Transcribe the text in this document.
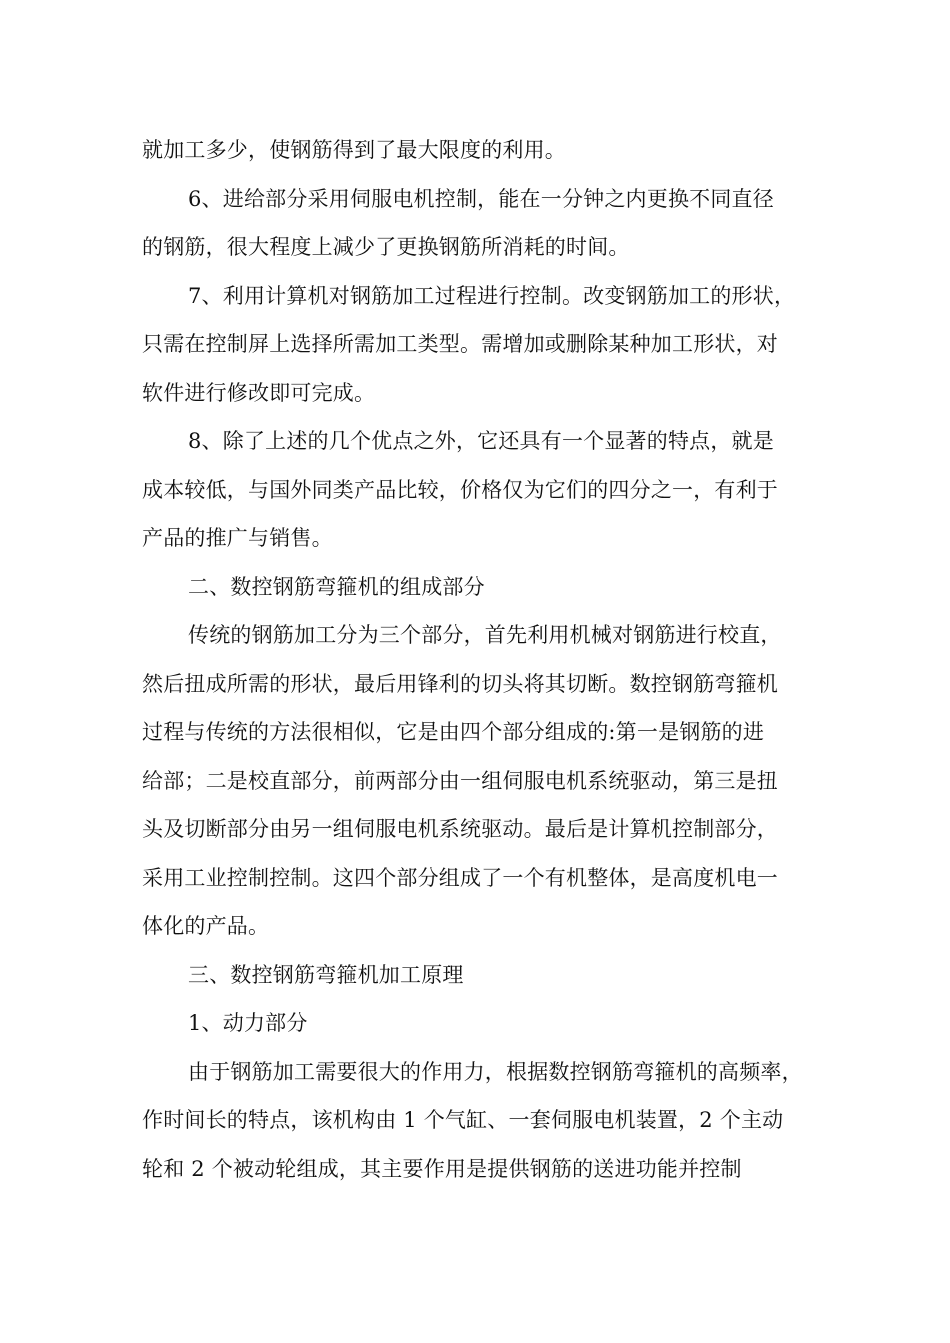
就加工多少，使钢筋得到了最大限度的利用。
6、进给部分采用伺服电机控制，能在一分钟之内更换不同直径
的钢筋，很大程度上减少了更换钢筋所消耗的时间。
7、利用计算机对钢筋加工过程进行控制。改变钢筋加工的形状，
只需在控制屏上选择所需加工类型。需增加或删除某种加工形状，对
软件进行修改即可完成。
8、除了上述的几个优点之外，它还具有一个显著的特点，就是
成本较低，与国外同类产品比较，价格仅为它们的四分之一，有利于
产品的推广与销售。
二、数控钢筋弯箍机的组成部分
传统的钢筋加工分为三个部分，首先利用机械对钢筋进行校直，
然后扭成所需的形状，最后用锋利的切头将其切断。数控钢筋弯箍机
过程与传统的方法很相似，它是由四个部分组成的:第一是钢筋的进
给部；二是校直部分，前两部分由一组伺服电机系统驱动，第三是扭
头及切断部分由另一组伺服电机系统驱动。最后是计算机控制部分，
采用工业控制控制。这四个部分组成了一个有机整体，是高度机电一
体化的产品。
三、数控钢筋弯箍机加工原理
1、动力部分
由于钢筋加工需要很大的作用力，根据数控钢筋弯箍机的高频率，
作时间长的特点，该机构由 1 个气缸、一套伺服电机装置，2 个主动
轮和 2 个被动轮组成，其主要作用是提供钢筋的送进功能并控制
